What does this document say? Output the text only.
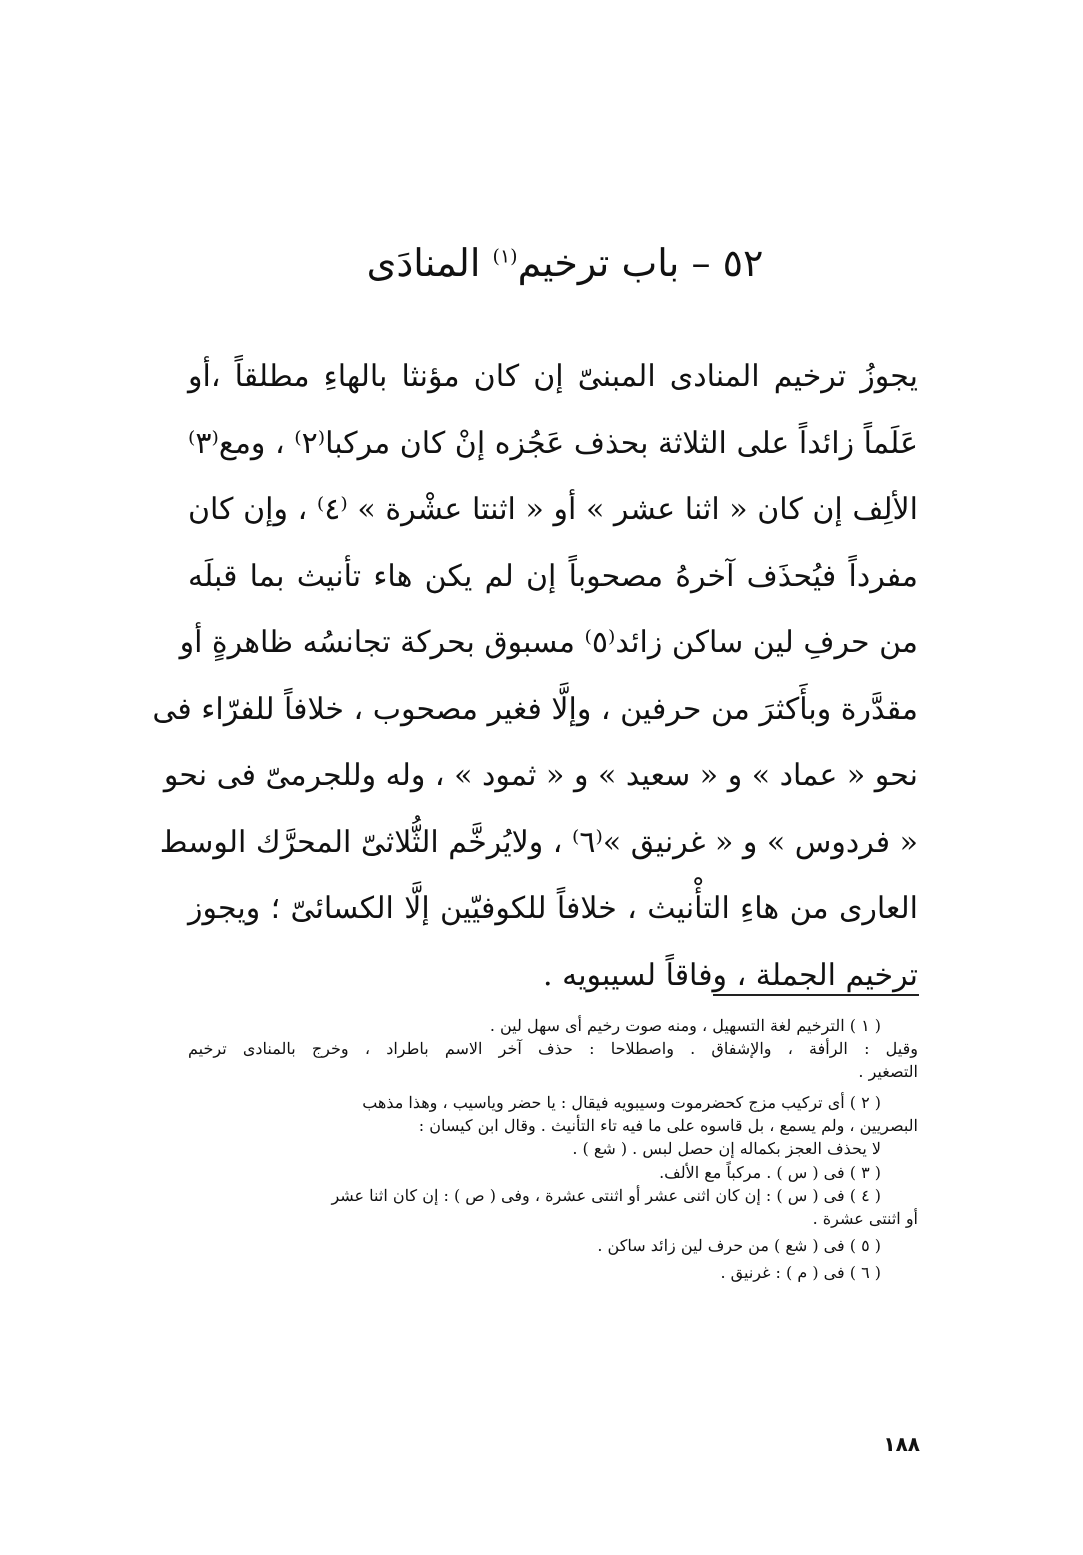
٥٢ – باب ترخيم$^{(١)}$ المنادَى
يجوزُ ترخيم المنادى المبنىّ إن كان مؤنثا بالهاءِ مطلقاً ،أو
عَلَماً زائداً على الثلاثة بحذف عَجُزه إنْ كان مركبا⁽٢⁾ ، ومع⁽٣⁾
الألِف إن كان « اثنا عشر » أو « اثنتا عشْرة » ⁽٤⁾ ، وإن كان
مفرداً فيُحذَف آخرهُ مصحوباً إن لم يكن هاء تأنيث بما قبلَه
من حرفِ لين ساكن زائد⁽٥⁾ مسبوق بحركة تجانسُه ظاهرةٍ أو
مقدَّرة وبأَكثرَ من حرفين ، وإلَّا فغير مصحوب ، خلافاً للفرّاء فى
نحو « عماد » و « سعيد » و « ثمود » ، وله وللجرمىّ فى نحو
« فردوس » و « غرنيق »⁽٦⁾ ، ولايُرخَّم الثُّلاثىّ المحرَّك الوسط
العارى من هاءِ التأْنيث ، خلافاً للكوفيّين إلَّا الكسائىّ ؛ ويجوز
ترخيم الجملة ، وفاقاً لسيبويه .
( ١ ) الترخيم لغة التسهيل ، ومنه صوت رخيم أى سهل لين .
وقيل : الرأفة ، والإشفاق . واصطلاحا : حذف آخر الاسم باطراد ، وخرج بالمنادى ترخيم
التصغير .
( ٢ ) أى تركيب مزج كحضرموت وسيبويه فيقال : يا حضر وياسيب ، وهذا مذهب
البصريين ، ولم يسمع ، بل قاسوه على ما فيه تاء التأنيث . وقال ابن كيسان :
لا يحذف العجز بكماله إن حصل لبس . ( شع ) .
( ٣ ) فى ( س ) . مركباً مع الألف.
( ٤ ) فى ( س ) : إن كان اثنى عشر أو اثنتى عشرة ، وفى ( ص ) : إن كان اثنا عشر
أو اثنتى عشرة .
( ٥ ) فى ( شع ) من حرف لين زائد ساكن .
( ٦ ) فى ( م ) : غرنيق .
١٨٨
